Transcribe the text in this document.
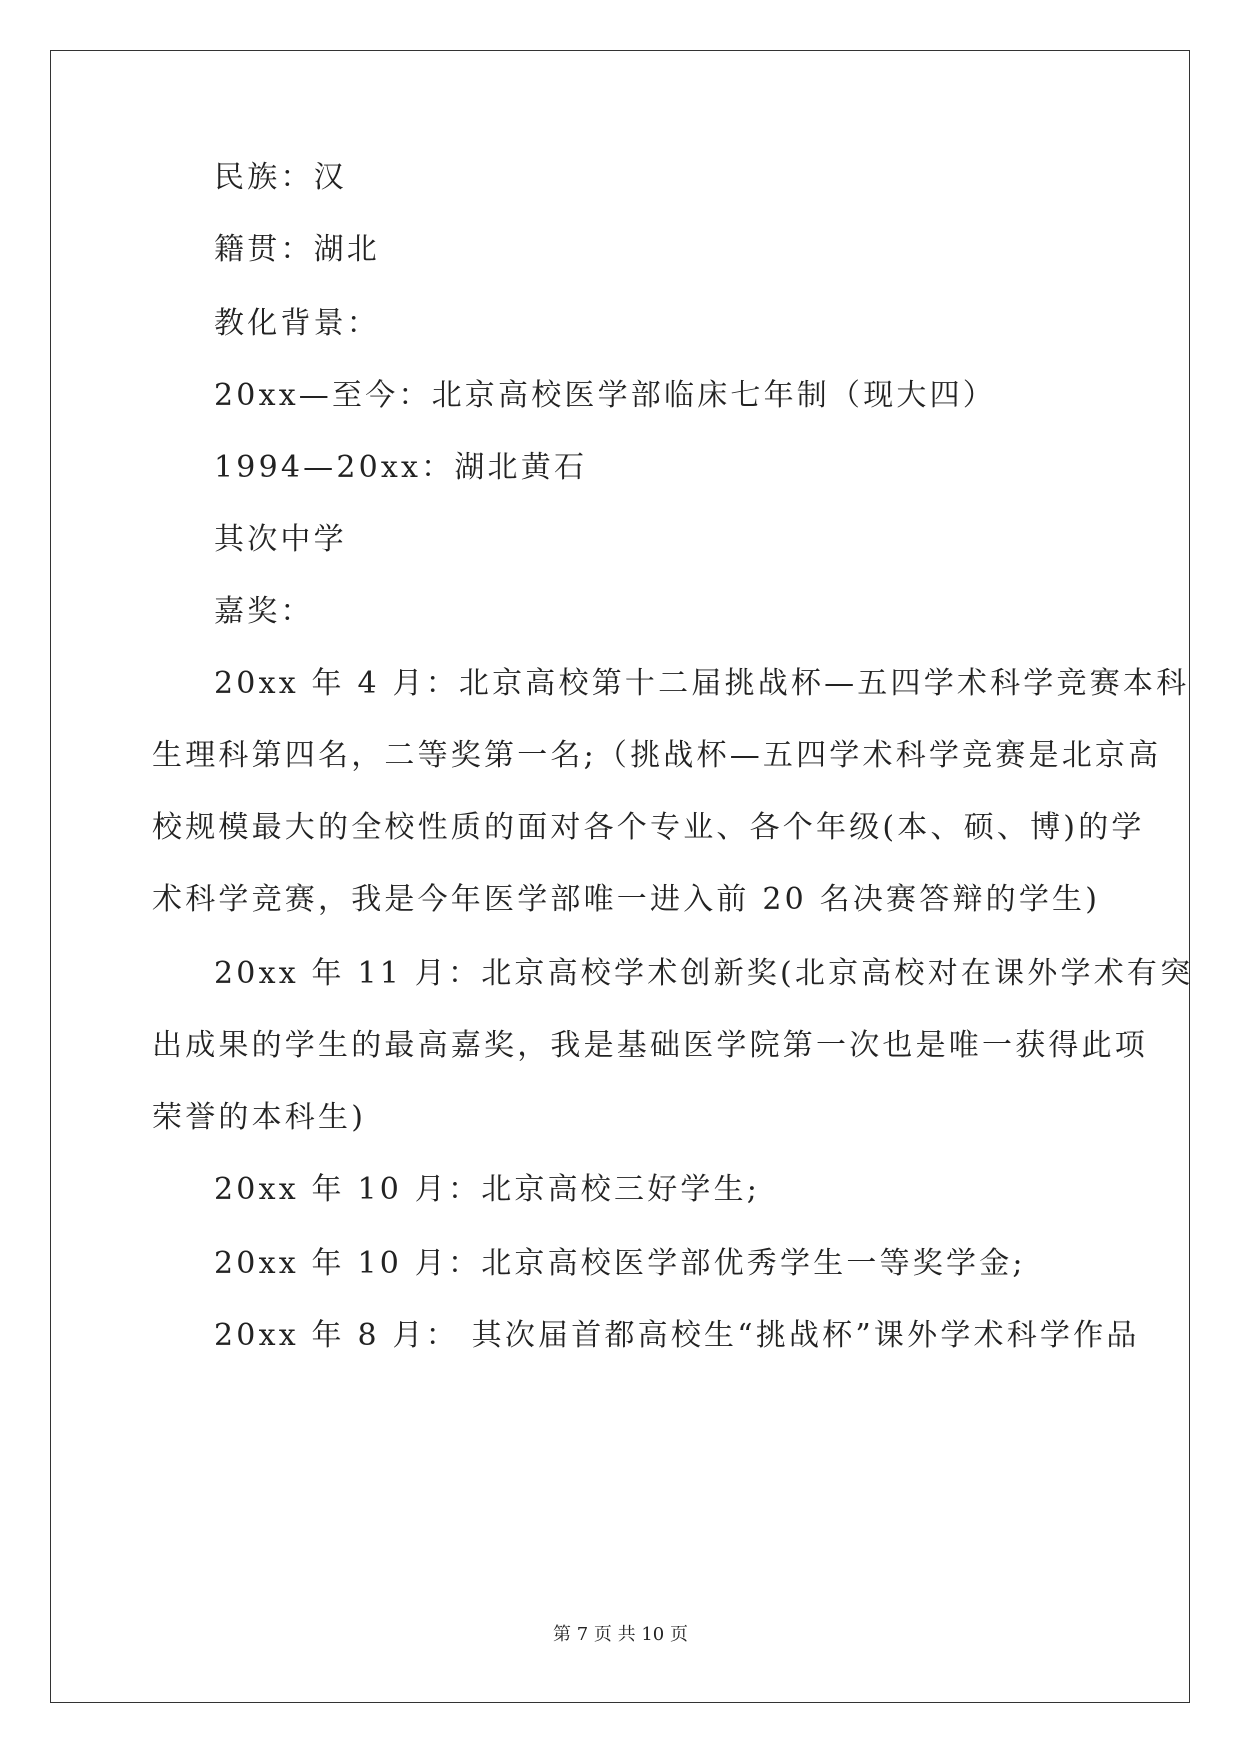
民族：汉
籍贯：湖北
教化背景：
20xx—至今：北京高校医学部临床七年制（现大四）
1994—20xx：湖北黄石
其次中学
嘉奖：
20xx 年 4 月：北京高校第十二届挑战杯—五四学术科学竞赛本科
生理科第四名，二等奖第一名;（挑战杯—五四学术科学竞赛是北京高
校规模最大的全校性质的面对各个专业、各个年级(本、硕、博)的学
术科学竞赛，我是今年医学部唯一进入前 20 名决赛答辩的学生)
20xx 年 11 月：北京高校学术创新奖(北京高校对在课外学术有突
出成果的学生的最高嘉奖，我是基础医学院第一次也是唯一获得此项
荣誉的本科生)
20xx 年 10 月：北京高校三好学生;
20xx 年 10 月：北京高校医学部优秀学生一等奖学金;
20xx 年 8 月： 其次届首都高校生“挑战杯”课外学术科学作品
第 7 页 共 10 页
